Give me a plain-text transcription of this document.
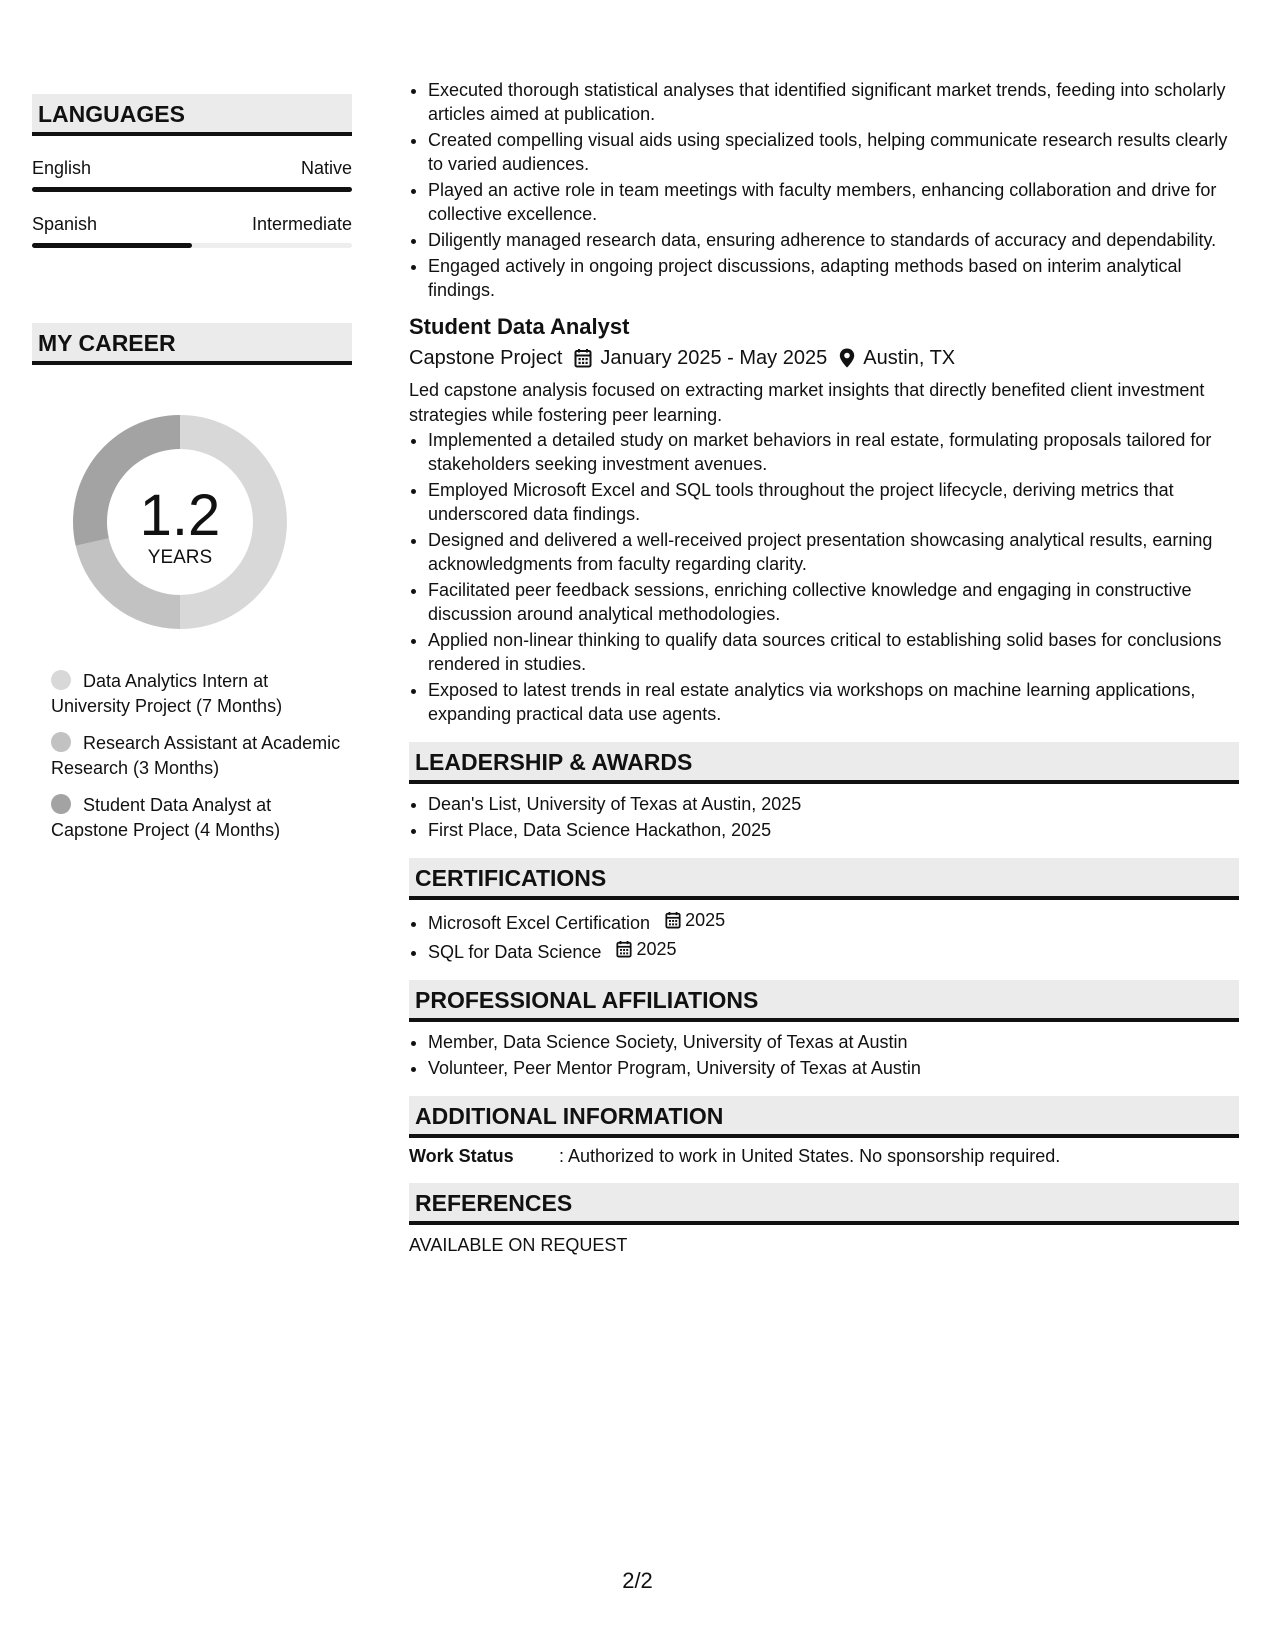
LANGUAGES
English	Native
Spanish	Intermediate
MY CAREER
1.2
YEARS
Data Analytics Intern at University Project (7 Months)
Research Assistant at Academic Research (3 Months)
Student Data Analyst at Capstone Project (4 Months)
• Executed thorough statistical analyses that identified significant market trends, feeding into scholarly articles aimed at publication.
• Created compelling visual aids using specialized tools, helping communicate research results clearly to varied audiences.
• Played an active role in team meetings with faculty members, enhancing collaboration and drive for collective excellence.
• Diligently managed research data, ensuring adherence to standards of accuracy and dependability.
• Engaged actively in ongoing project discussions, adapting methods based on interim analytical findings.
Student Data Analyst
Capstone Project January 2025 - May 2025 Austin, TX
Led capstone analysis focused on extracting market insights that directly benefited client investment strategies while fostering peer learning.
• Implemented a detailed study on market behaviors in real estate, formulating proposals tailored for stakeholders seeking investment avenues.
• Employed Microsoft Excel and SQL tools throughout the project lifecycle, deriving metrics that underscored data findings.
• Designed and delivered a well-received project presentation showcasing analytical results, earning acknowledgments from faculty regarding clarity.
• Facilitated peer feedback sessions, enriching collective knowledge and engaging in constructive discussion around analytical methodologies.
• Applied non-linear thinking to qualify data sources critical to establishing solid bases for conclusions rendered in studies.
• Exposed to latest trends in real estate analytics via workshops on machine learning applications, expanding practical data use agents.
LEADERSHIP & AWARDS
• Dean's List, University of Texas at Austin, 2025
• First Place, Data Science Hackathon, 2025
CERTIFICATIONS
• Microsoft Excel Certification 2025
• SQL for Data Science 2025
PROFESSIONAL AFFILIATIONS
• Member, Data Science Society, University of Texas at Austin
• Volunteer, Peer Mentor Program, University of Texas at Austin
ADDITIONAL INFORMATION
Work Status	: Authorized to work in United States. No sponsorship required.
REFERENCES
AVAILABLE ON REQUEST
2/2
